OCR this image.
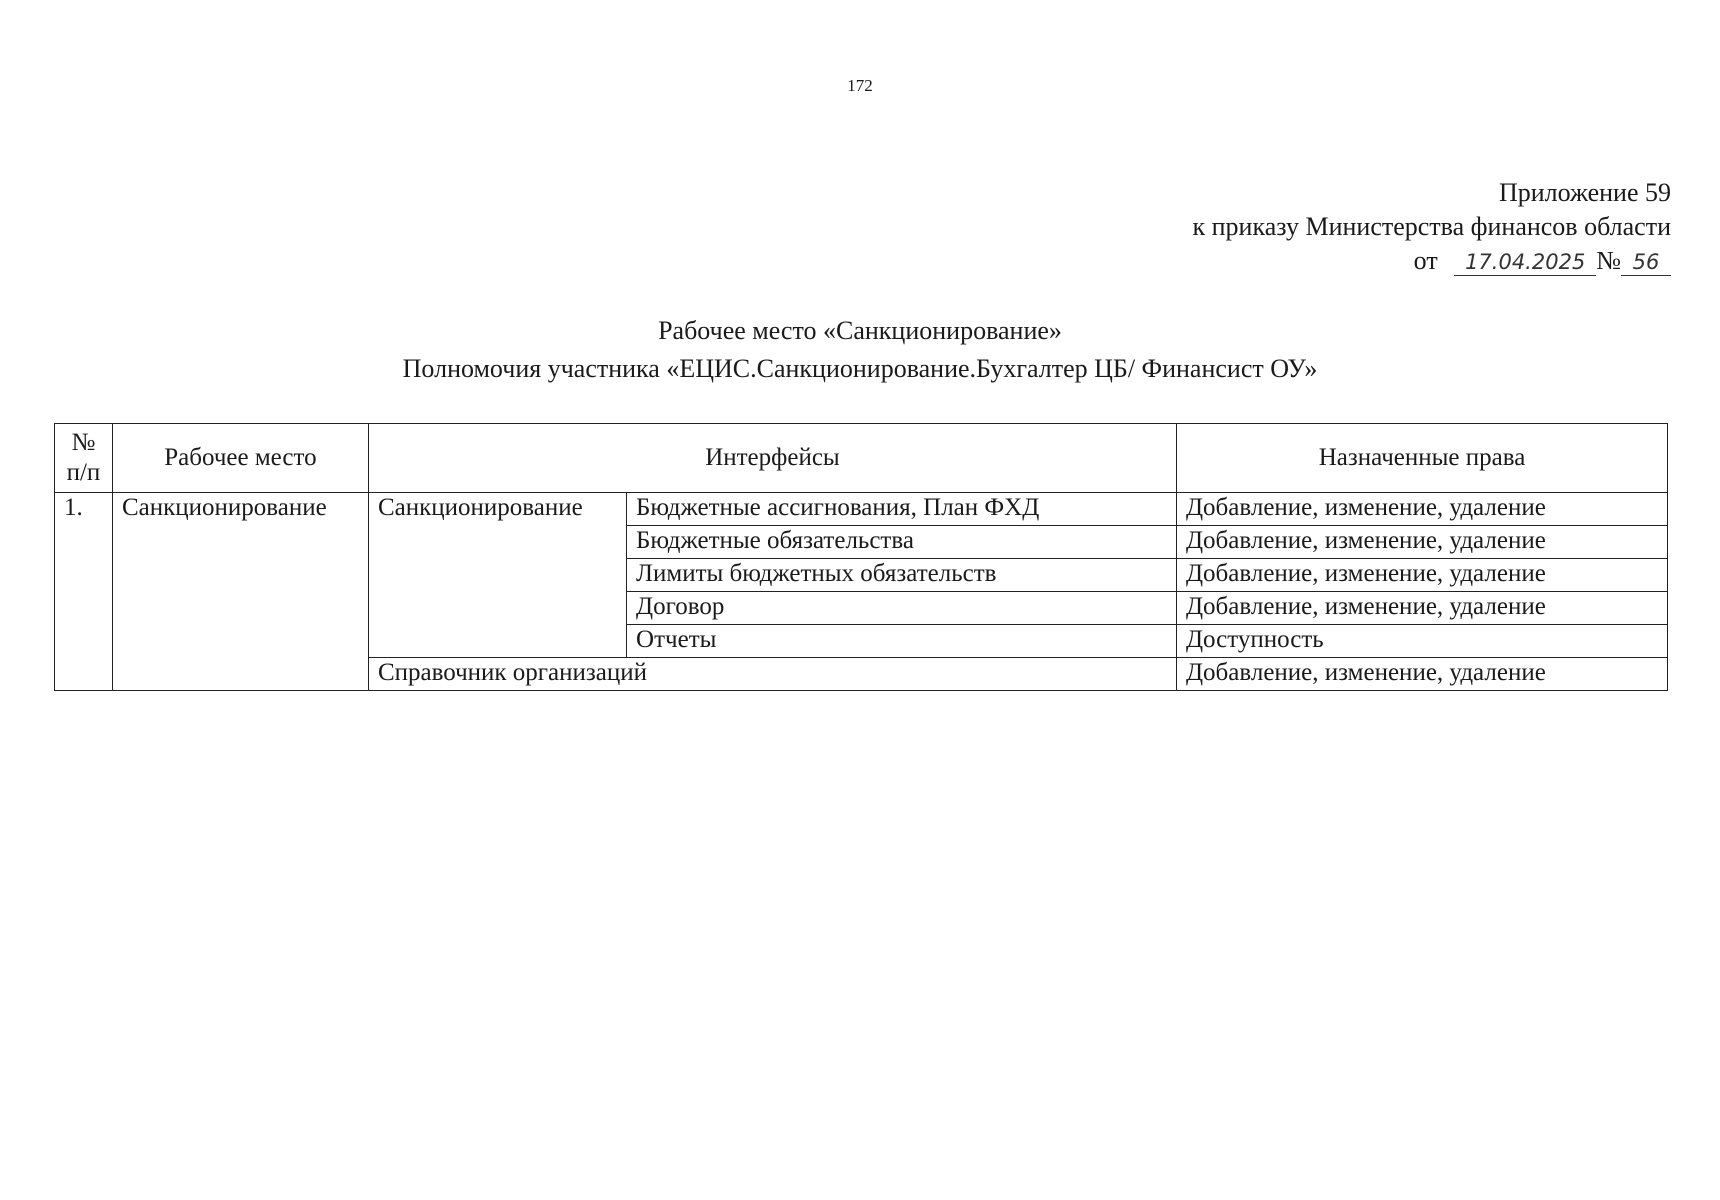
172
Приложение 59
к приказу Министерства финансов области
от 17.04.2025 № 56
Рабочее место «Санкционирование»
Полномочия участника «ЕЦИС.Санкционирование.Бухгалтер ЦБ/ Финансист ОУ»
№ п/п	Рабочее место	Интерфейсы		Назначенные права
1.	Санкционирование	Санкционирование	Бюджетные ассигнования, План ФХД	Добавление, изменение, удаление
			Бюджетные обязательства	Добавление, изменение, удаление
			Лимиты бюджетных обязательств	Добавление, изменение, удаление
			Договор	Добавление, изменение, удаление
			Отчеты	Доступность
		Справочник организаций		Добавление, изменение, удаление
